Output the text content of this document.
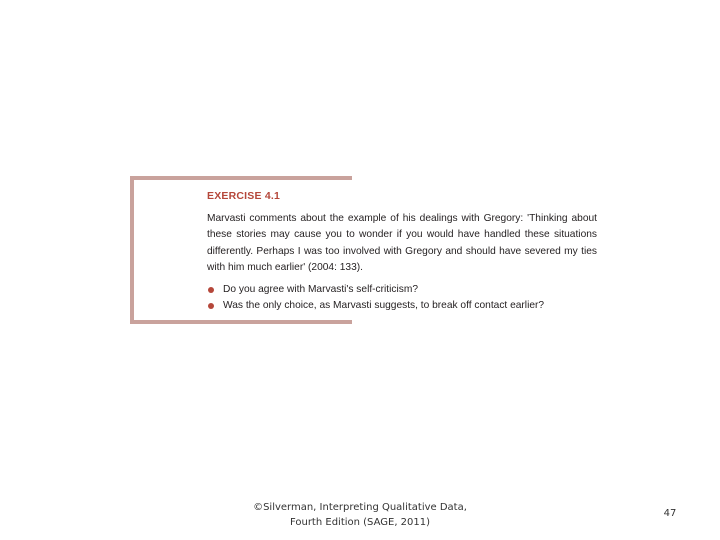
EXERCISE 4.1
Marvasti comments about the example of his dealings with Gregory: 'Thinking about these stories may cause you to wonder if you would have handled these situations differently. Perhaps I was too involved with Gregory and should have severed my ties with him much earlier' (2004: 133).
Do you agree with Marvasti's self-criticism?
Was the only choice, as Marvasti suggests, to break off contact earlier?
©Silverman, Interpreting Qualitative Data,
Fourth Edition (SAGE, 2011)
47
